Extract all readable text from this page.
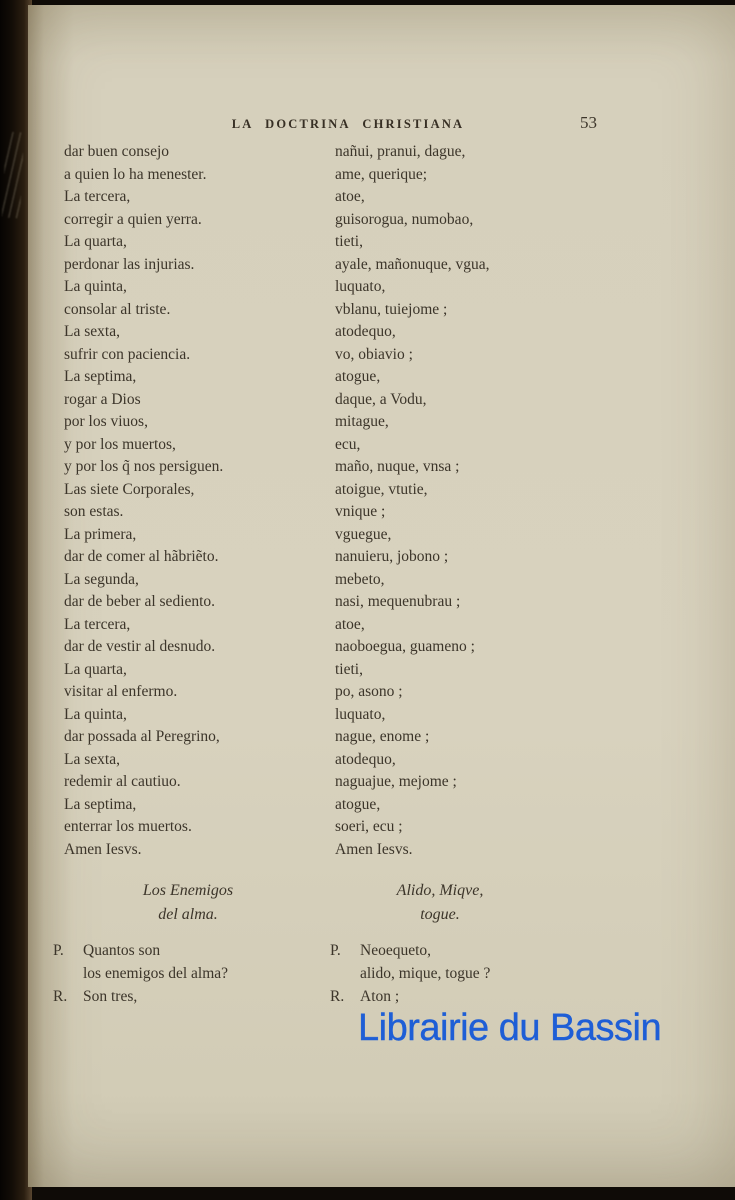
LA DOCTRINA CHRISTIANA	53
dar buen consejo
a quien lo ha menester.
La tercera,
corregir a quien yerra.
La quarta,
perdonar las injurias.
La quinta,
consolar al triste.
La sexta,
sufrir con paciencia.
La septima,
rogar a Dios
por los viuos,
y por los muertos,
y por los q̃ nos persiguen.
Las siete Corporales,
son estas.
La primera,
dar de comer al hãbriẽto.
La segunda,
dar de beber al sediento.
La tercera,
dar de vestir al desnudo.
La quarta,
visitar al enfermo.
La quinta,
dar possada al Peregrino,
La sexta,
redemir al cautiuo.
La septima,
enterrar los muertos.
Amen Iesvs.
Los Enemigos
del alma.
P.	Quantos son
los enemigos del alma?
R.	Son tres,
nañui, pranui, dague,
ame, querique;
atoe,
guisorogua, numobao,
tieti,
ayale, mañonuque, vgua,
luquato,
vblanu, tuiejome ;
atodequo,
vo, obiavio ;
atogue,
daque, a Vodu,
mitague,
ecu,
maño, nuque, vnsa ;
atoigue, vtutie,
vnique ;
vguegue,
nanuieru, jobono ;
mebeto,
nasi, mequenubrau ;
atoe,
naoboegua, guameno ;
tieti,
po, asono ;
luquato,
nague, enome ;
atodequo,
naguajue, mejome ;
atogue,
soeri, ecu ;
Amen Iesvs.
Alido, Miqve,
togue.
P.	Neoequeto,
alido, mique, togue ?
R.	Aton ;
Librairie du Bassin
